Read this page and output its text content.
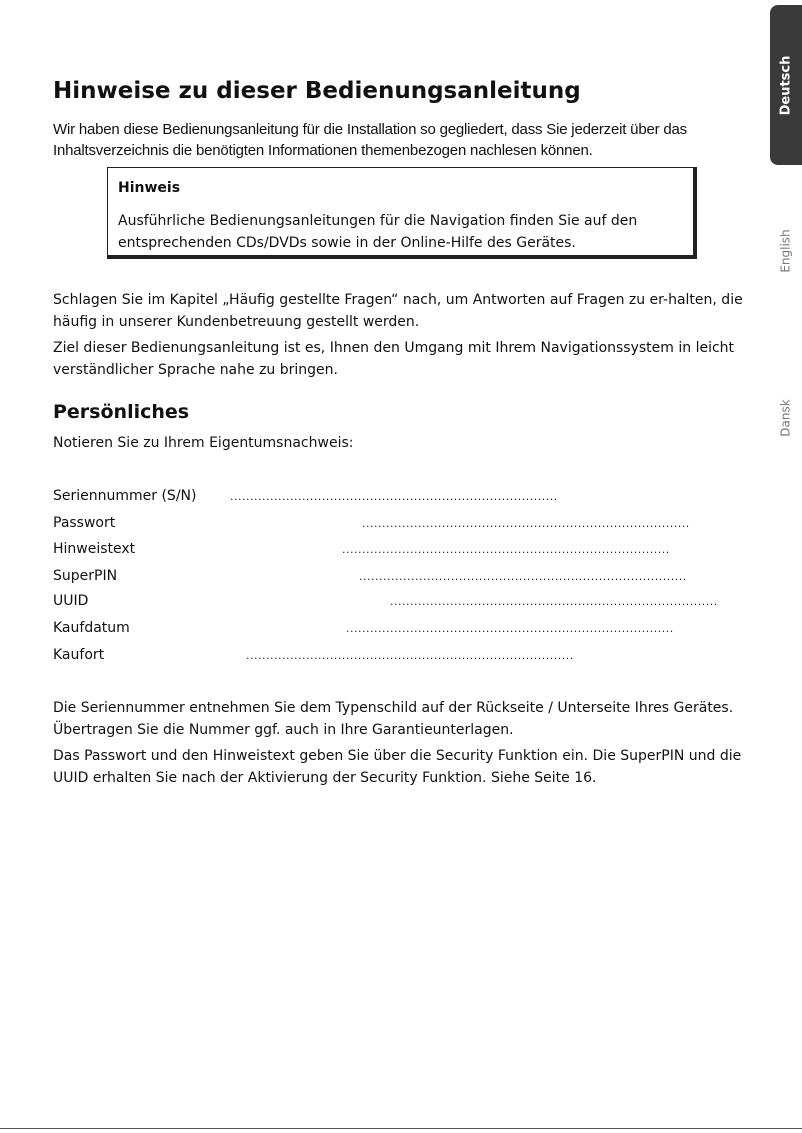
Deutsch
English
Dansk
Hinweise zu dieser Bedienungsanleitung

Wir haben diese Bedienungsanleitung für die Installation so gegliedert, dass Sie jederzeit über das Inhaltsverzeichnis die benötigten Informationen themenbezogen nachlesen können.

Hinweis
Ausführliche Bedienungsanleitungen für die Navigation finden Sie auf den entsprechenden CDs/DVDs sowie in der Online-Hilfe des Gerätes.

Schlagen Sie im Kapitel „Häufig gestellte Fragen“ nach, um Antworten auf Fragen zu er-halten, die häufig in unserer Kundenbetreuung gestellt werden.

Ziel dieser Bedienungsanleitung ist es, Ihnen den Umgang mit Ihrem Navigationssystem in leicht verständlicher Sprache nahe zu bringen.

Persönliches

Notieren Sie zu Ihrem Eigentumsnachweis:

Seriennummer (S/N)	..................................................................................
Passwort	..................................................................................
Hinweistext	..................................................................................
SuperPIN	..................................................................................
UUID	..................................................................................
Kaufdatum	..................................................................................
Kaufort	..................................................................................

Die Seriennummer entnehmen Sie dem Typenschild auf der Rückseite / Unterseite Ihres Gerätes. Übertragen Sie die Nummer ggf. auch in Ihre Garantieunterlagen.

Das Passwort und den Hinweistext geben Sie über die Security Funktion ein. Die SuperPIN und die UUID erhalten Sie nach der Aktivierung der Security Funktion. Siehe Seite 16.
